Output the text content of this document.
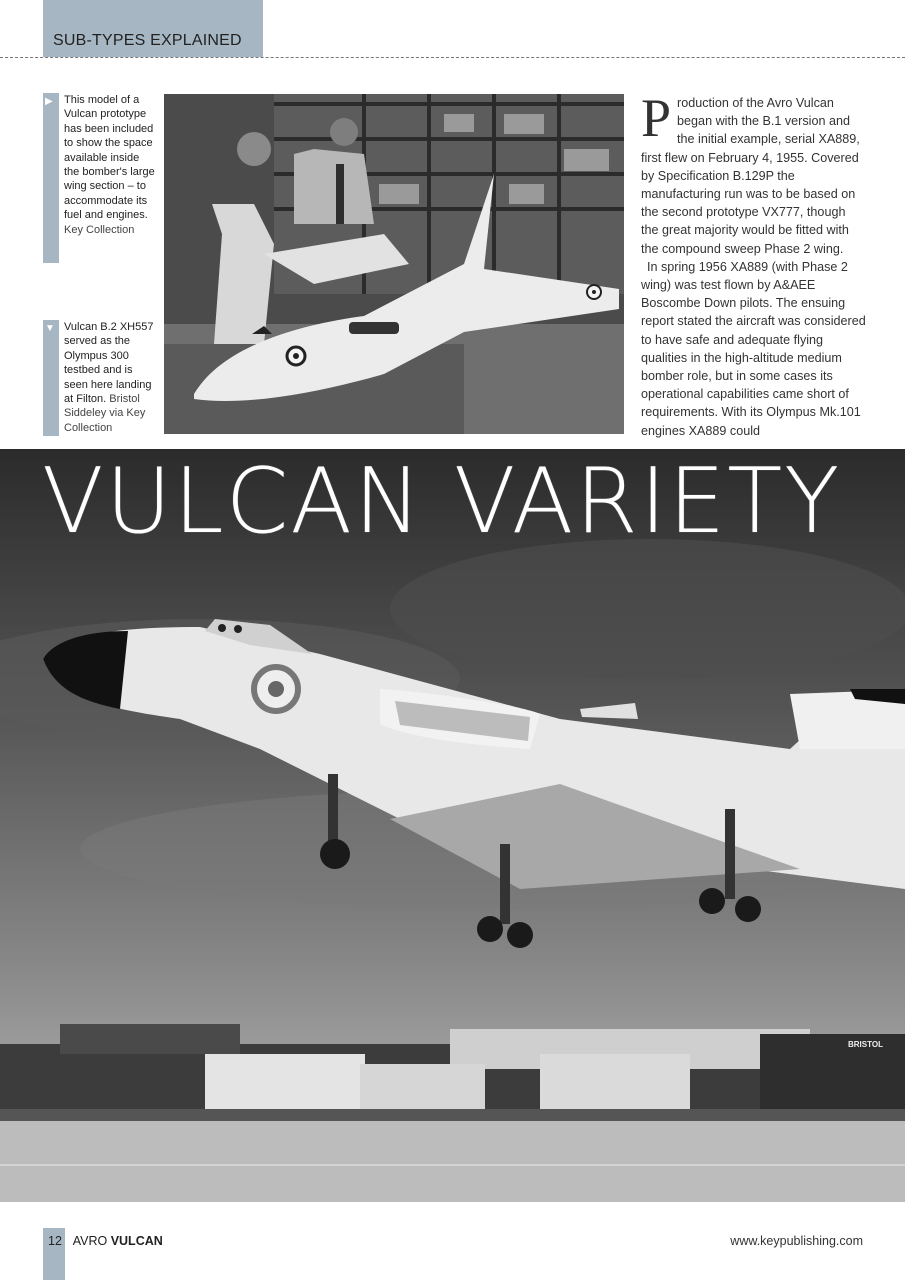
SUB-TYPES EXPLAINED
▶ This model of a Vulcan prototype has been included to show the space available inside the bomber's large wing section – to accommodate its fuel and engines. Key Collection
▼ Vulcan B.2 XH557 served as the Olympus 300 testbed and is seen here landing at Filton. Bristol Siddeley via Key Collection

Production of the Avro Vulcan began with the B.1 version and the initial example, serial XA889, first flew on February 4, 1955. Covered by Specification B.129P the manufacturing run was to be based on the second prototype VX777, though the great majority would be fitted with the compound sweep Phase 2 wing.

In spring 1956 XA889 (with Phase 2 wing) was test flown by A&AEE Boscombe Down pilots. The ensuing report stated the aircraft was considered to have safe and adequate flying qualities in the high-altitude medium bomber role, but in some cases its operational capabilities came short of requirements. With its Olympus Mk.101 engines XA889 could

BRISTOL
VULCAN VARIETY
12 AVRO VULCAN	www.keypublishing.com
